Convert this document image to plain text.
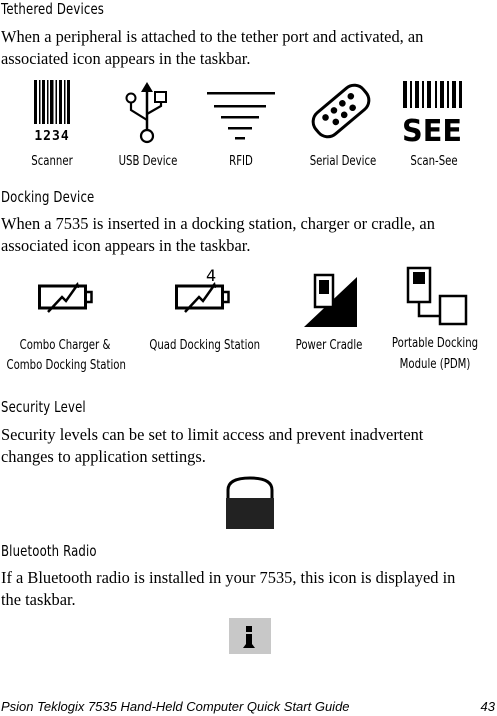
Tethered Devices
When a peripheral is attached to the tether port and activated, an
associated icon appears in the taskbar.
1234	SEE
Scanner	USB Device	RFID	Serial Device	Scan-See
Docking Device
When a 7535 is inserted in a docking station, charger or cradle, an
associated icon appears in the taskbar.
4
Combo Charger &
Combo Docking Station
Quad Docking Station	Power Cradle	Portable Docking
Module (PDM)
Security Level
Security levels can be set to limit access and prevent inadvertent
changes to application settings.
Bluetooth Radio
If a Bluetooth radio is installed in your 7535, this icon is displayed in
the taskbar.
Psion Teklogix 7535 Hand-Held Computer Quick Start Guide	43
